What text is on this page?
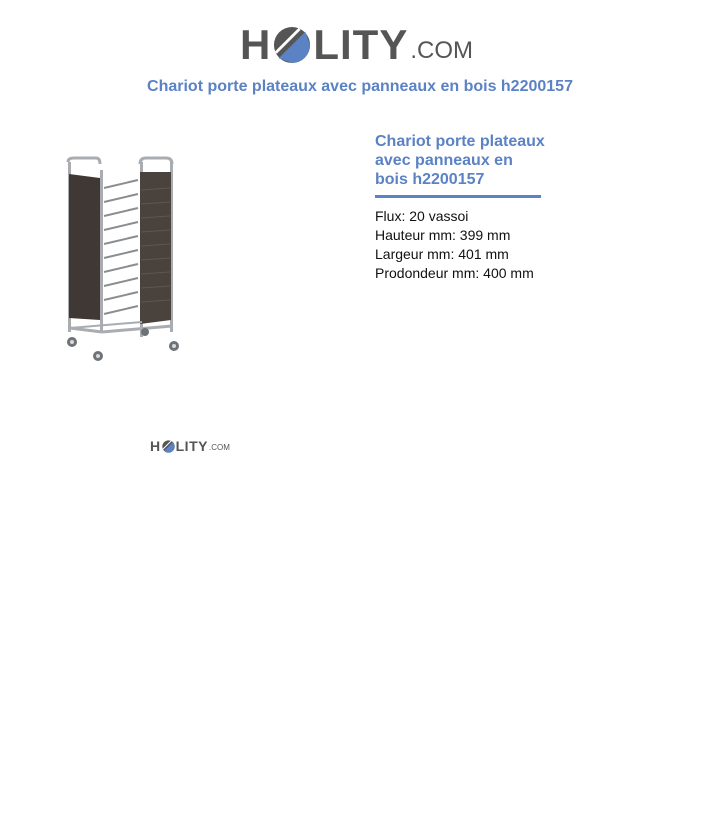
H LITY .COM
Chariot porte plateaux avec panneaux en bois h2200157
H LITY .COM
Chariot porte plateaux avec panneaux en bois h2200157
Flux: 20 vassoi
Hauteur mm: 399 mm
Largeur mm: 401 mm
Prodondeur mm: 400 mm
